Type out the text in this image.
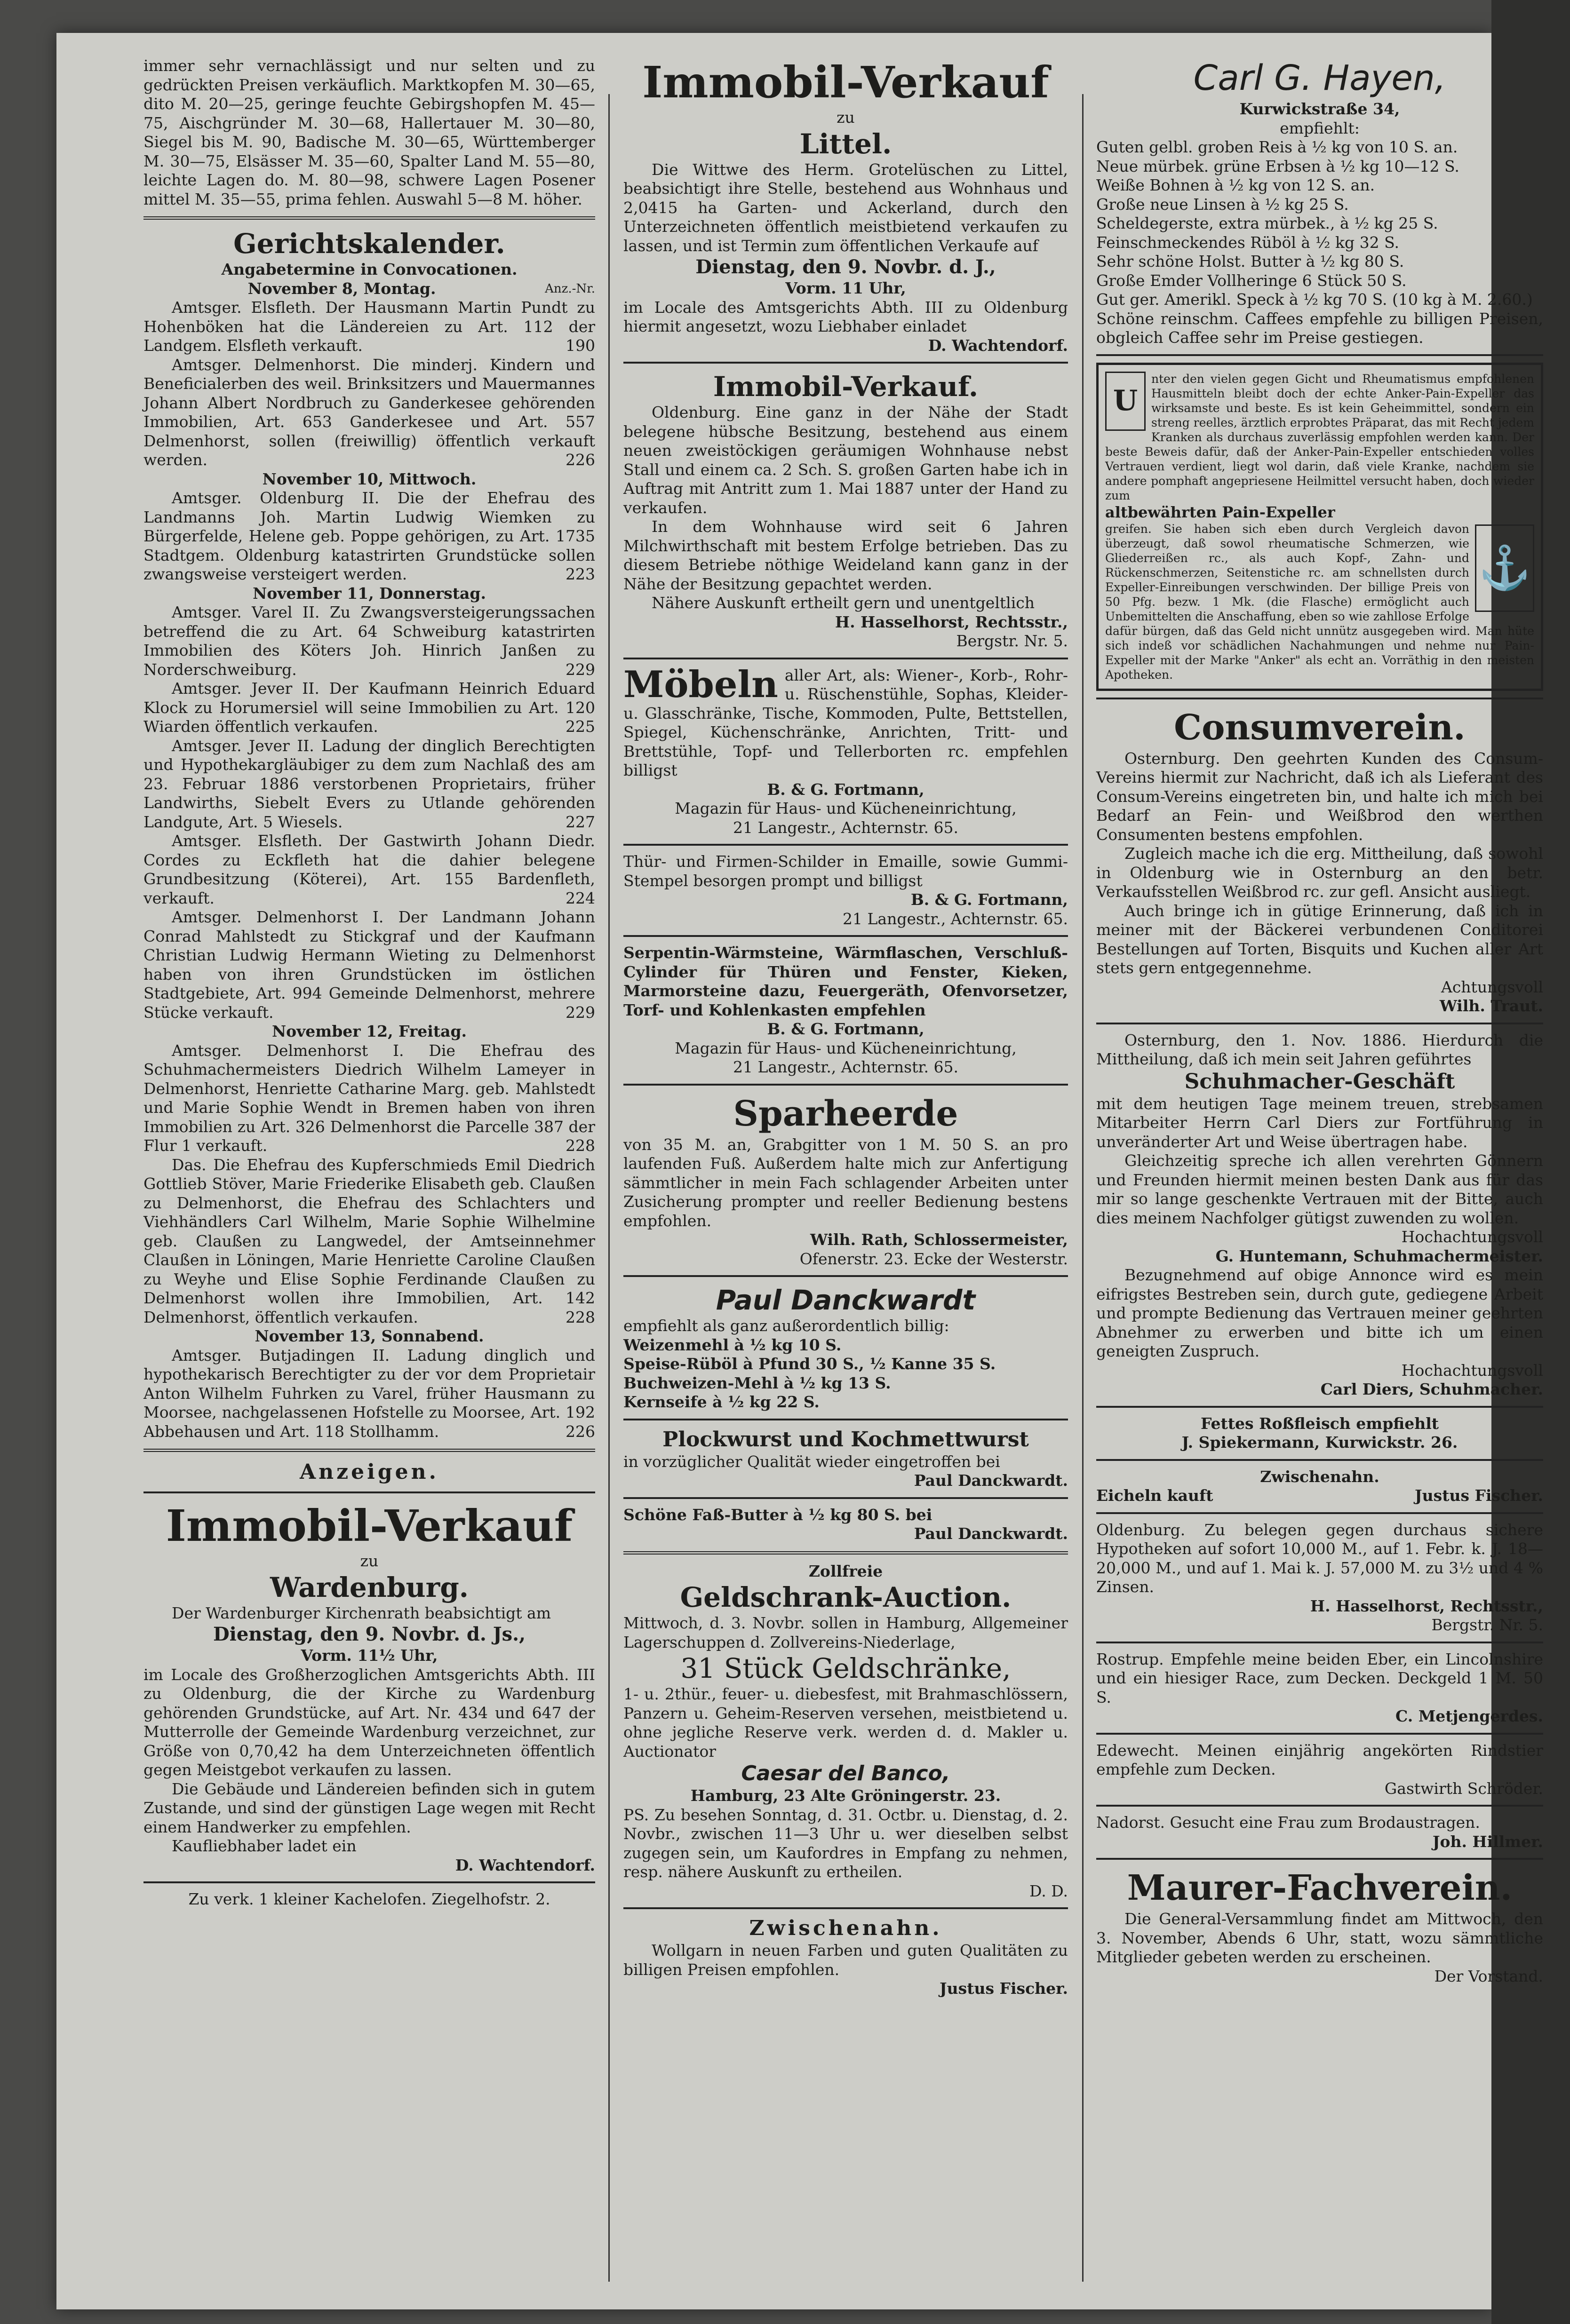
immer sehr vernachlässigt und nur selten und zu gedrückten Preisen verkäuflich. Marktkopfen M. 30—65, dito M. 20—25, geringe feuchte Gebirgshopfen M. 45—75, Aischgründer M. 30—68, Hallertauer M. 30—80, Siegel bis M. 90, Badische M. 30—65, Württemberger M. 30—75, Elsässer M. 35—60, Spalter Land M. 55—80, leichte Lagen do. M. 80—98, schwere Lagen Posener mittel M. 35—55, prima fehlen. Auswahl 5—8 M. höher.

Gerichtskalender.

Angabetermine in Convocationen.

November 8, Montag.	Anz.-Nr.

Amtsger. Elsfleth. Der Hausmann Martin Pundt zu Hohenböken hat die Ländereien zu Art. 112 der Landgem. Elsfleth verkauft.	190

Amtsger. Delmenhorst. Die minderj. Kindern und Beneficialerben des weil. Brinksitzers und Mauermannes Johann Albert Nordbruch zu Ganderkesee gehörenden Immobilien, Art. 653 Ganderkesee und Art. 557 Delmenhorst, sollen (freiwillig) öffentlich verkauft werden.	226

November 10, Mittwoch.

Amtsger. Oldenburg II. Die der Ehefrau des Landmanns Joh. Martin Ludwig Wiemken zu Bürgerfelde, Helene geb. Poppe gehörigen, zu Art. 1735 Stadtgem. Oldenburg katastrirten Grundstücke sollen zwangsweise versteigert werden.	223

November 11, Donnerstag.

Amtsger. Varel II. Zu Zwangsversteigerungssachen betreffend die zu Art. 64 Schweiburg katastrirten Immobilien des Köters Joh. Hinrich Janßen zu Norderschweiburg.	229

Amtsger. Jever II. Der Kaufmann Heinrich Eduard Klock zu Horumersiel will seine Immobilien zu Art. 120 Wiarden öffentlich verkaufen.	225

Amtsger. Jever II. Ladung der dinglich Berechtigten und Hypothekargläubiger zu dem zum Nachlaß des am 23. Februar 1886 verstorbenen Proprietairs, früher Landwirths, Siebelt Evers zu Utlande gehörenden Landgute, Art. 5 Wiesels.	227

Amtsger. Elsfleth. Der Gastwirth Johann Diedr. Cordes zu Eckfleth hat die dahier belegene Grundbesitzung (Köterei), Art. 155 Bardenfleth, verkauft.	224

Amtsger. Delmenhorst I. Der Landmann Johann Conrad Mahlstedt zu Stickgraf und der Kaufmann Christian Ludwig Hermann Wieting zu Delmenhorst haben von ihren Grundstücken im östlichen Stadtgebiete, Art. 994 Gemeinde Delmenhorst, mehrere Stücke verkauft.	229

November 12, Freitag.

Amtsger. Delmenhorst I. Die Ehefrau des Schuhmachermeisters Diedrich Wilhelm Lameyer in Delmenhorst, Henriette Catharine Marg. geb. Mahlstedt und Marie Sophie Wendt in Bremen haben von ihren Immobilien zu Art. 326 Delmenhorst die Parcelle 387 der Flur 1 verkauft.	228

Das. Die Ehefrau des Kupferschmieds Emil Diedrich Gottlieb Stöver, Marie Friederike Elisabeth geb. Claußen zu Delmenhorst, die Ehefrau des Schlachters und Viehhändlers Carl Wilhelm, Marie Sophie Wilhelmine geb. Claußen zu Langwedel, der Amtseinnehmer Claußen in Löningen, Marie Henriette Caroline Claußen zu Weyhe und Elise Sophie Ferdinande Claußen zu Delmenhorst wollen ihre Immobilien, Art. 142 Delmenhorst, öffentlich verkaufen.	228

November 13, Sonnabend.

Amtsger. Butjadingen II. Ladung dinglich und hypothekarisch Berechtigter zu der vor dem Proprietair Anton Wilhelm Fuhrken zu Varel, früher Hausmann zu Moorsee, nachgelassenen Hofstelle zu Moorsee, Art. 192 Abbehausen und Art. 118 Stollhamm.	226

Anzeigen.
Immobil-Verkauf

zu

Wardenburg.

Der Wardenburger Kirchenrath beabsichtigt am

Dienstag, den 9. Novbr. d. Js.,

Vorm. 11½ Uhr,

im Locale des Großherzoglichen Amtsgerichts Abth. III zu Oldenburg, die der Kirche zu Wardenburg gehörenden Grundstücke, auf Art. Nr. 434 und 647 der Mutterrolle der Gemeinde Wardenburg verzeichnet, zur Größe von 0,70,42 ha dem Unterzeichneten öffentlich gegen Meistgebot verkaufen zu lassen.

Die Gebäude und Ländereien befinden sich in gutem Zustande, und sind der günstigen Lage wegen mit Recht einem Handwerker zu empfehlen.

Kaufliebhaber ladet ein

D. Wachtendorf.

Zu verk. 1 kleiner Kachelofen. Ziegelhofstr. 2.

Immobil-Verkauf

zu

Littel.

Die Wittwe des Herm. Grotelüschen zu Littel, beabsichtigt ihre Stelle, bestehend aus Wohnhaus und 2,0415 ha Garten- und Ackerland, durch den Unterzeichneten öffentlich meistbietend verkaufen zu lassen, und ist Termin zum öffentlichen Verkaufe auf

Dienstag, den 9. Novbr. d. J.,

Vorm. 11 Uhr,

im Locale des Amtsgerichts Abth. III zu Oldenburg hiermit angesetzt, wozu Liebhaber einladet

D. Wachtendorf.

Immobil-Verkauf.

Oldenburg. Eine ganz in der Nähe der Stadt belegene hübsche Besitzung, bestehend aus einem neuen zweistöckigen geräumigen Wohnhause nebst Stall und einem ca. 2 Sch. S. großen Garten habe ich in Auftrag mit Antritt zum 1. Mai 1887 unter der Hand zu verkaufen.

In dem Wohnhause wird seit 6 Jahren Milchwirthschaft mit bestem Erfolge betrieben. Das zu diesem Betriebe nöthige Weideland kann ganz in der Nähe der Besitzung gepachtet werden.

Nähere Auskunft ertheilt gern und unentgeltlich

H. Hasselhorst, Rechtsstr.,

Bergstr. Nr. 5.

Möbeln aller Art, als: Wiener-, Korb-, Rohr- u. Rüschenstühle, Sophas, Kleider- u. Glasschränke, Tische, Kommoden, Pulte, Bettstellen, Spiegel, Küchenschränke, Anrichten, Tritt- und Brettstühle, Topf- und Tellerborten rc. empfehlen billigst

B. & G. Fortmann,

Magazin für Haus- und Kücheneinrichtung,

21 Langestr., Achternstr. 65.

Thür- und Firmen-Schilder in Emaille, sowie Gummi-Stempel besorgen prompt und billigst

B. & G. Fortmann,

21 Langestr., Achternstr. 65.

Serpentin-Wärmsteine, Wärmflaschen, Verschluß-Cylinder für Thüren und Fenster, Kieken, Marmorsteine dazu, Feuergeräth, Ofenvorsetzer, Torf- und Kohlenkasten empfehlen

B. & G. Fortmann,

Magazin für Haus- und Kücheneinrichtung,

21 Langestr., Achternstr. 65.

Sparheerde

von 35 M. an, Grabgitter von 1 M. 50 S. an pro laufenden Fuß. Außerdem halte mich zur Anfertigung sämmtlicher in mein Fach schlagender Arbeiten unter Zusicherung prompter und reeller Bedienung bestens empfohlen.

Wilh. Rath, Schlossermeister,

Ofenerstr. 23. Ecke der Westerstr.

Paul Danckwardt

empfiehlt als ganz außerordentlich billig:

Weizenmehl à ½ kg 10 S.

Speise-Rüböl à Pfund 30 S., ½ Kanne 35 S.

Buchweizen-Mehl à ½ kg 13 S.

Kernseife à ½ kg 22 S.

Plockwurst und Kochmettwurst

in vorzüglicher Qualität wieder eingetroffen bei

Paul Danckwardt.

Schöne Faß-Butter à ½ kg 80 S. bei

Paul Danckwardt.

Zollfreie

Geldschrank-Auction.

Mittwoch, d. 3. Novbr. sollen in Hamburg, Allgemeiner Lagerschuppen d. Zollvereins-Niederlage,

31 Stück Geldschränke,

1- u. 2thür., feuer- u. diebesfest, mit Brahmaschlössern, Panzern u. Geheim-Reserven versehen, meistbietend u. ohne jegliche Reserve verk. werden d. d. Makler u. Auctionator

Caesar del Banco,

Hamburg, 23 Alte Gröningerstr. 23.

PS. Zu besehen Sonntag, d. 31. Octbr. u. Dienstag, d. 2. Novbr., zwischen 11—3 Uhr u. wer dieselben selbst zugegen sein, um Kaufordres in Empfang zu nehmen, resp. nähere Auskunft zu ertheilen.

D. D.

Zwischenahn.

Wollgarn in neuen Farben und guten Qualitäten zu billigen Preisen empfohlen.

Justus Fischer.

Carl G. Hayen,

Kurwickstraße 34,

empfiehlt:

Guten gelbl. groben Reis à ½ kg von 10 S. an.

Neue mürbek. grüne Erbsen à ½ kg 10—12 S.

Weiße Bohnen à ½ kg von 12 S. an.

Große neue Linsen à ½ kg 25 S.

Scheldegerste, extra mürbek., à ½ kg 25 S.

Feinschmeckendes Rüböl à ½ kg 32 S.

Sehr schöne Holst. Butter à ½ kg 80 S.

Große Emder Vollheringe 6 Stück 50 S.

Gut ger. Amerikl. Speck à ½ kg 70 S. (10 kg à M. 2.60.)

Schöne reinschm. Caffees empfehle zu billigen Preisen, obgleich Caffee sehr im Preise gestiegen.

U

nter den vielen gegen Gicht und Rheumatismus empfohlenen Hausmitteln bleibt doch der echte Anker-Pain-Expeller das wirksamste und beste. Es ist kein Geheimmittel, sondern ein streng reelles, ärztlich erprobtes Präparat, das mit Recht jedem Kranken als durchaus zuverlässig empfohlen werden kann. Der beste Beweis dafür, daß der Anker-Pain-Expeller entschieden volles Vertrauen verdient, liegt wol darin, daß viele Kranke, nachdem sie andere pomphaft angepriesene Heilmittel versucht haben, doch wieder zum

altbewährten Pain-Expeller

⚓

greifen. Sie haben sich eben durch Vergleich davon überzeugt, daß sowol rheumatische Schmerzen, wie Gliederreißen rc., als auch Kopf-, Zahn- und Rückenschmerzen, Seitenstiche rc. am schnellsten durch Expeller-Einreibungen verschwinden. Der billige Preis von 50 Pfg. bezw. 1 Mk. (die Flasche) ermöglicht auch Unbemittelten die Anschaffung, eben so wie zahllose Erfolge dafür bürgen, daß das Geld nicht unnütz ausgegeben wird. Man hüte sich indeß vor schädlichen Nachahmungen und nehme nur Pain-Expeller mit der Marke "Anker" als echt an. Vorräthig in den meisten Apotheken.

Consumverein.

Osternburg. Den geehrten Kunden des Consum-Vereins hiermit zur Nachricht, daß ich als Lieferant des Consum-Vereins eingetreten bin, und halte ich mich bei Bedarf an Fein- und Weißbrod den werthen Consumenten bestens empfohlen.

Zugleich mache ich die erg. Mittheilung, daß sowohl in Oldenburg wie in Osternburg an den betr. Verkaufsstellen Weißbrod rc. zur gefl. Ansicht ausliegt.

Auch bringe ich in gütige Erinnerung, daß ich in meiner mit der Bäckerei verbundenen Conditorei Bestellungen auf Torten, Bisquits und Kuchen aller Art stets gern entgegennehme.

Achtungsvoll

Wilh. Traut.

Osternburg, den 1. Nov. 1886. Hierdurch die Mittheilung, daß ich mein seit Jahren geführtes

Schuhmacher-Geschäft

mit dem heutigen Tage meinem treuen, strebsamen Mitarbeiter Herrn Carl Diers zur Fortführung in unveränderter Art und Weise übertragen habe.

Gleichzeitig spreche ich allen verehrten Gönnern und Freunden hiermit meinen besten Dank aus für das mir so lange geschenkte Vertrauen mit der Bitte, auch dies meinem Nachfolger gütigst zuwenden zu wollen.

Hochachtungsvoll

G. Huntemann, Schuhmachermeister.

Bezugnehmend auf obige Annonce wird es mein eifrigstes Bestreben sein, durch gute, gediegene Arbeit und prompte Bedienung das Vertrauen meiner geehrten Abnehmer zu erwerben und bitte ich um einen geneigten Zuspruch.

Hochachtungsvoll

Carl Diers, Schuhmacher.

Fettes Roßfleisch empfiehlt

J. Spiekermann, Kurwickstr. 26.

Zwischenahn.

Eicheln kauft	Justus Fischer.

Oldenburg. Zu belegen gegen durchaus sichere Hypotheken auf sofort 10,000 M., auf 1. Febr. k. J. 18—20,000 M., und auf 1. Mai k. J. 57,000 M. zu 3½ und 4 % Zinsen.

H. Hasselhorst, Rechtsstr.,

Bergstr. Nr. 5.

Rostrup. Empfehle meine beiden Eber, ein Lincolnshire und ein hiesiger Race, zum Decken. Deckgeld 1 M. 50 S.

C. Metjengerdes.

Edewecht. Meinen einjährig angekörten Rindstier empfehle zum Decken.

Gastwirth Schröder.

Nadorst. Gesucht eine Frau zum Brodaustragen.

Joh. Hillmer.

Maurer-Fachverein.

Die General-Versammlung findet am Mittwoch, den 3. November, Abends 6 Uhr, statt, wozu sämmtliche Mitglieder gebeten werden zu erscheinen.

Der Vorstand.
